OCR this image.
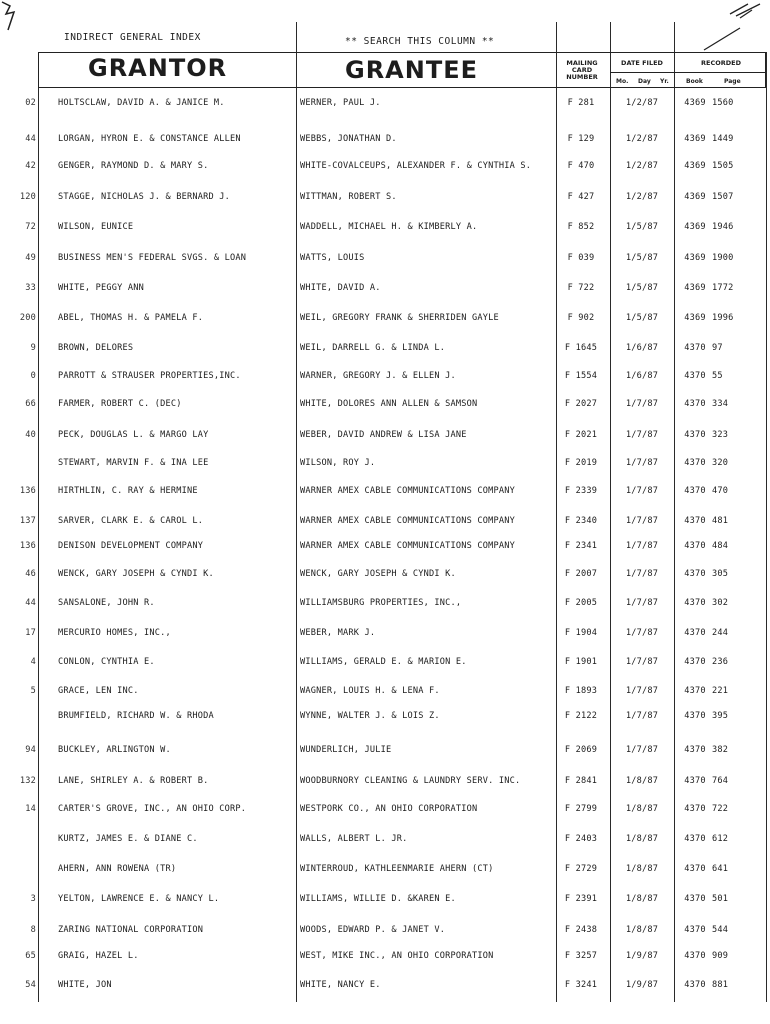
INDIRECT GENERAL INDEX	** SEARCH THIS COLUMN **
GRANTOR	GRANTEE	MAILING CARD NUMBER
DATE FILED	RECORDED
Mo. Day Yr.	Book	Page
02	HOLTSCLAW, DAVID A. & JANICE M.	WERNER, PAUL J.	F 281	1/2/87	4369 1560
44	LORGAN, HYRON E. & CONSTANCE ALLEN	WEBBS, JONATHAN D.	F 129	1/2/87	4369 1449
42	GENGER, RAYMOND D. & MARY S.	WHITE-COVALCEUPS, ALEXANDER F. & CYNTHIA S.	F 470	1/2/87	4369 1505
120	STAGGE, NICHOLAS J. & BERNARD J.	WITTMAN, ROBERT S.	F 427	1/2/87	4369 1507
72	WILSON, EUNICE	WADDELL, MICHAEL H. & KIMBERLY A.	F 852	1/5/87	4369 1946
49	BUSINESS MEN'S FEDERAL SVGS. & LOAN	WATTS, LOUIS	F 039	1/5/87	4369 1900
33	WHITE, PEGGY ANN	WHITE, DAVID A.	F 722	1/5/87	4369 1772
200	ABEL, THOMAS H. & PAMELA F.	WEIL, GREGORY FRANK & SHERRIDEN GAYLE	F 902	1/5/87	4369 1996
9	BROWN, DELORES	WEIL, DARRELL G. & LINDA L.	F 1645	1/6/87	4370 97
0	PARROTT & STRAUSER PROPERTIES,INC.	WARNER, GREGORY J. & ELLEN J.	F 1554	1/6/87	4370 55
66	FARMER, ROBERT C. (DEC)	WHITE, DOLORES ANN ALLEN & SAMSON	F 2027	1/7/87	4370 334
40	PECK, DOUGLAS L. & MARGO LAY	WEBER, DAVID ANDREW & LISA JANE	F 2021	1/7/87	4370 323
STEWART, MARVIN F. & INA LEE	WILSON, ROY J.	F 2019	1/7/87	4370 320
136	HIRTHLIN, C. RAY & HERMINE	WARNER AMEX CABLE COMMUNICATIONS COMPANY	F 2339	1/7/87	4370 470
137	SARVER, CLARK E. & CAROL L.	WARNER AMEX CABLE COMMUNICATIONS COMPANY	F 2340	1/7/87	4370 481
136	DENISON DEVELOPMENT COMPANY	WARNER AMEX CABLE COMMUNICATIONS COMPANY	F 2341	1/7/87	4370 484
46	WENCK, GARY JOSEPH & CYNDI K.	WENCK, GARY JOSEPH & CYNDI K.	F 2007	1/7/87	4370 305
44	SANSALONE, JOHN R.	WILLIAMSBURG PROPERTIES, INC.,	F 2005	1/7/87	4370 302
17	MERCURIO HOMES, INC.,	WEBER, MARK J.	F 1904	1/7/87	4370 244
4	CONLON, CYNTHIA E.	WILLIAMS, GERALD E. & MARION E.	F 1901	1/7/87	4370 236
5	GRACE, LEN INC.	WAGNER, LOUIS H. & LENA F.	F 1893	1/7/87	4370 221
BRUMFIELD, RICHARD W. & RHODA	WYNNE, WALTER J. & LOIS Z.	F 2122	1/7/87	4370 395
94	BUCKLEY, ARLINGTON W.	WUNDERLICH, JULIE	F 2069	1/7/87	4370 382
132	LANE, SHIRLEY A. & ROBERT B.	WOODBURNORY CLEANING & LAUNDRY SERV. INC.	F 2841	1/8/87	4370 764
14	CARTER'S GROVE, INC., AN OHIO CORP.	WESTPORK CO., AN OHIO CORPORATION	F 2799	1/8/87	4370 722
KURTZ, JAMES E. & DIANE C.	WALLS, ALBERT L. JR.	F 2403	1/8/87	4370 612
AHERN, ANN ROWENA (TR)	WINTERROUD, KATHLEENMARIE AHERN (CT)	F 2729	1/8/87	4370 641
3	YELTON, LAWRENCE E. & NANCY L.	WILLIAMS, WILLIE D. &KAREN E.	F 2391	1/8/87	4370 501
8	ZARING NATIONAL CORPORATION	WOODS, EDWARD P. & JANET V.	F 2438	1/8/87	4370 544
65	GRAIG, HAZEL L.	WEST, MIKE INC., AN OHIO CORPORATION	F 3257	1/9/87	4370 909
54	WHITE, JON	WHITE, NANCY E.	F 3241	1/9/87	4370 881
